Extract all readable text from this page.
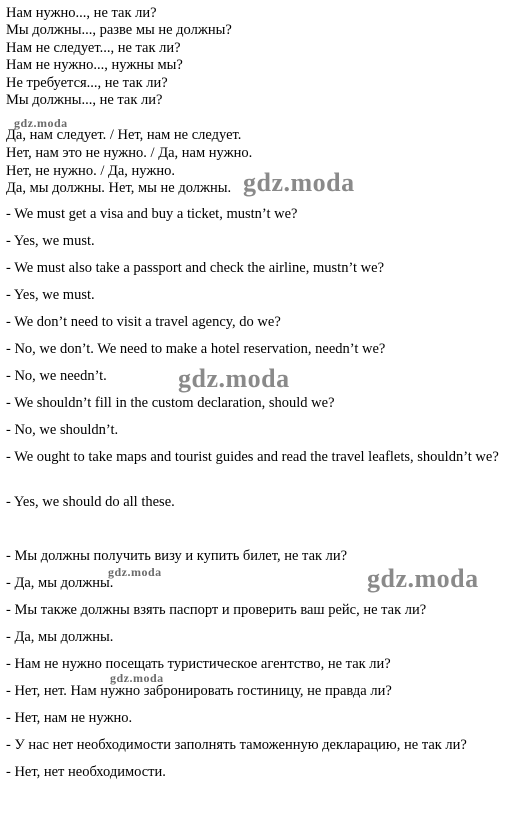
Нам нужно..., не так ли?
Мы должны..., разве мы не должны?
Нам не следует..., не так ли?
Нам не нужно..., нужны мы?
Не требуется..., не так ли?
Мы должны..., не так ли?
Да, нам следует. / Нет, нам не следует.
Нет, нам это не нужно. / Да, нам нужно.
Нет, не нужно. / Да, нужно.
Да, мы должны. Нет, мы не должны.
- We must get a visa and buy a ticket, mustn’t we?
- Yes, we must.
- We must also take a passport and check the airline, mustn’t we?
- Yes, we must.
- We don’t need to visit a travel agency, do we?
- No, we don’t. We need to make a hotel reservation, needn’t we?
- No, we needn’t.
- We shouldn’t fill in the custom declaration, should we?
- No, we shouldn’t.
- We ought to take maps and tourist guides and read the travel leaflets, shouldn’t we?
- Yes, we should do all these.
- Мы должны получить визу и купить билет, не так ли?
- Да, мы должны.
- Мы также должны взять паспорт и проверить ваш рейс, не так ли?
- Да, мы должны.
- Нам не нужно посещать туристическое агентство, не так ли?
- Нет, нет. Нам нужно забронировать гостиницу, не правда ли?
- Нет, нам не нужно.
- У нас нет необходимости заполнять таможенную декларацию, не так ли?
- Нет, нет необходимости.
gdz.moda
gdz.moda
gdz.moda
gdz.moda	gdz.moda
gdz.moda
